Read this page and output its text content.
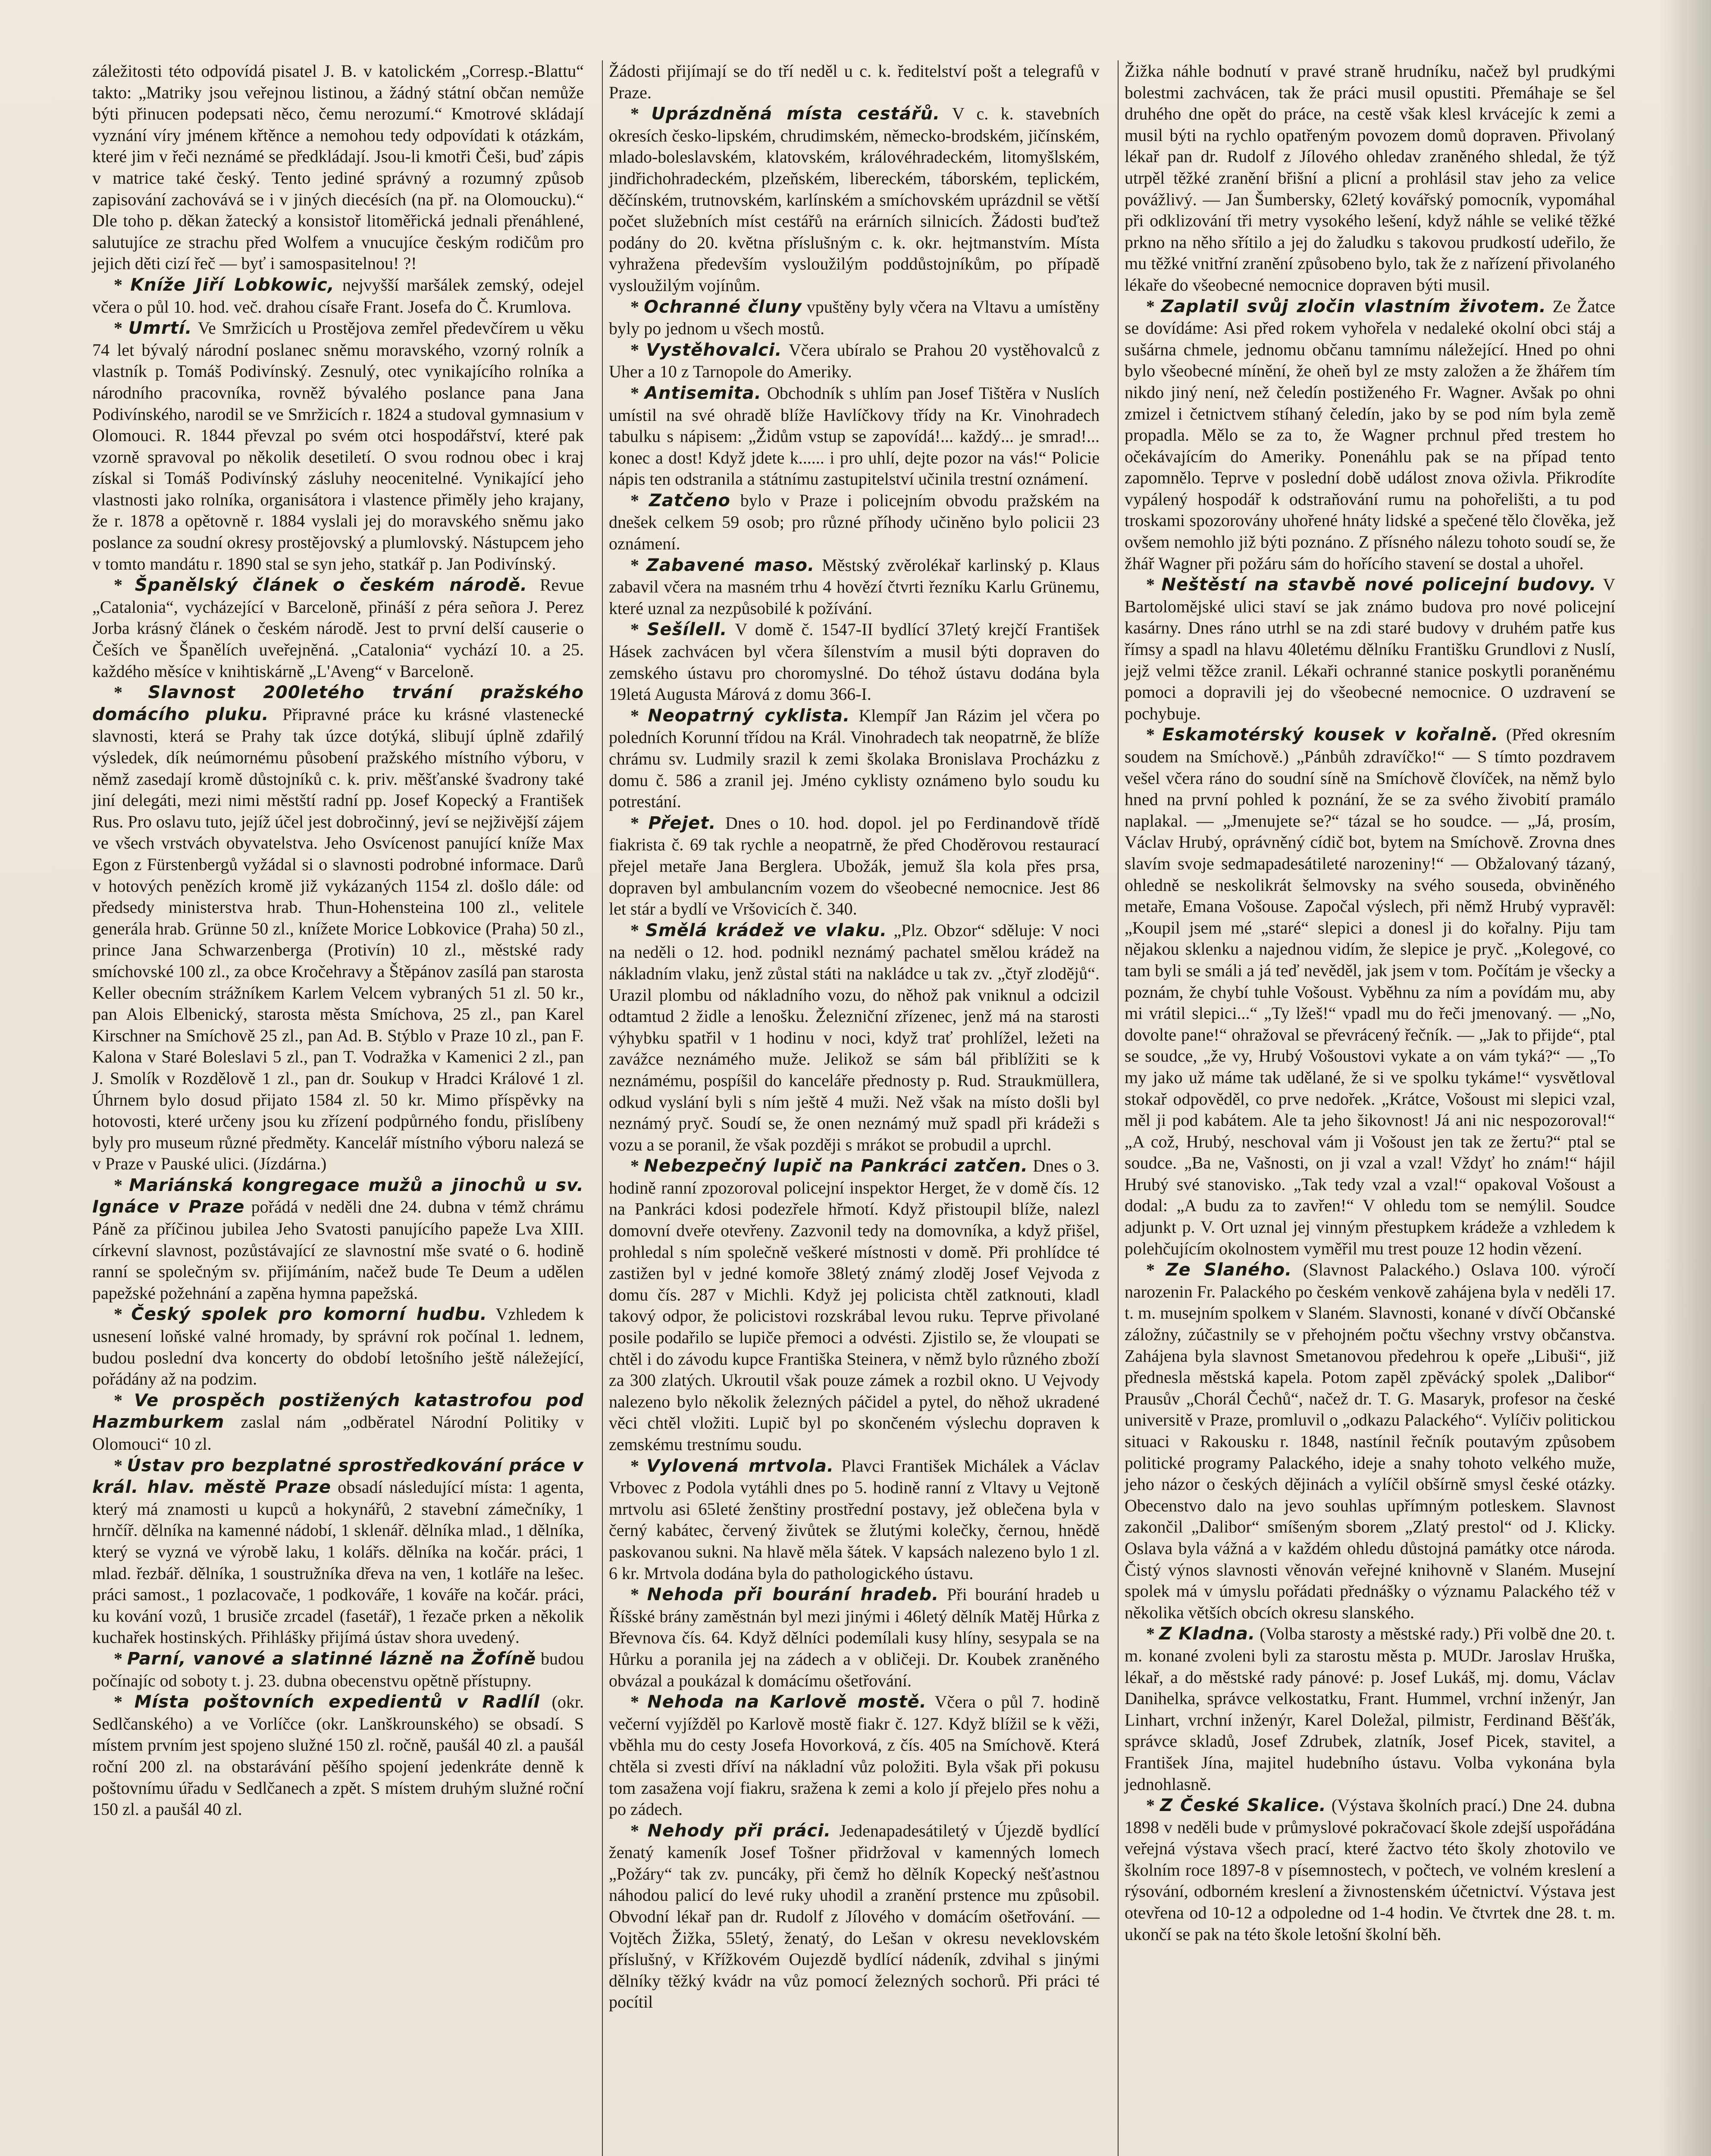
záležitosti této odpovídá pisatel J. B. v katolickém „Corresp.-Blattu“ takto: „Matriky jsou veřejnou listinou, a žádný státní občan nemůže býti přinucen podepsati něco, čemu nerozumí.“ Kmotrové skládají vyznání víry jménem křtěnce a nemohou tedy odpovídati k otázkám, které jim v řeči neznámé se předkládají. Jsou-li kmotři Češi, buď zápis v matrice také český. Tento jediné správný a rozumný způsob zapisování zachovává se i v jiných diecésích (na př. na Olomoucku).“ Dle toho p. děkan žatecký a konsistoř litoměřická jednali přenáhlené, salutujíce ze strachu před Wolfem a vnucujíce českým rodičům pro jejich děti cizí řeč — byť i samospasitelnou! ?!

* Kníže Jiří Lobkowic, nejvyšší maršálek zemský, odejel včera o půl 10. hod. več. drahou císaře Frant. Josefa do Č. Krumlova.

* Umrtí. Ve Smržicích u Prostějova zemřel předevčírem u věku 74 let bývalý národní poslanec sněmu moravského, vzorný rolník a vlastník p. Tomáš Podivínský. Zesnulý, otec vynikajícího rolníka a národního pracovníka, rovněž bývalého poslance pana Jana Podivínského, narodil se ve Smržicích r. 1824 a studoval gymnasium v Olomouci. R. 1844 převzal po svém otci hospodářství, které pak vzorně spravoval po několik desetiletí. O svou rodnou obec i kraj získal si Tomáš Podivínský zásluhy neocenitelné. Vynikající jeho vlastnosti jako rolníka, organisátora i vlastence přiměly jeho krajany, že r. 1878 a opětovně r. 1884 vyslali jej do moravského sněmu jako poslance za soudní okresy prostějovský a plumlovský. Nástupcem jeho v tomto mandátu r. 1890 stal se syn jeho, statkář p. Jan Podivínský.

* Španělský článek o českém národě. Revue „Catalonia“, vycházející v Barceloně, přináší z péra señora J. Perez Jorba krásný článek o českém národě. Jest to první delší causerie o Češích ve Španělích uveřejněná. „Catalonia“ vychází 10. a 25. každého měsíce v knihtiskárně „L'Aveng“ v Barceloně.

* Slavnost 200letého trvání pražského domácího pluku. Připravné práce ku krásné vlastenecké slavnosti, která se Prahy tak úzce dotýká, slibují úplně zdařilý výsledek, dík neúmornému působení pražského místního výboru, v němž zasedají kromě důstojníků c. k. priv. měšťanské švadrony také jiní delegáti, mezi nimi městští radní pp. Josef Kopecký a František Rus. Pro oslavu tuto, jejíž účel jest dobročinný, jeví se nejživější zájem ve všech vrstvách obyvatelstva. Jeho Osvícenost panující kníže Max Egon z Fürstenbergů vyžádal si o slavnosti podrobné informace. Darů v hotových penězích kromě již vykázaných 1154 zl. došlo dále: od předsedy ministerstva hrab. Thun-Hohensteina 100 zl., velitele generála hrab. Grünne 50 zl., knížete Morice Lobkovice (Praha) 50 zl., prince Jana Schwarzenberga (Protivín) 10 zl., městské rady smíchovské 100 zl., za obce Kročehravy a Štěpánov zasílá pan starosta Keller obecním strážníkem Karlem Velcem vybraných 51 zl. 50 kr., pan Alois Elbenický, starosta města Smíchova, 25 zl., pan Karel Kirschner na Smíchově 25 zl., pan Ad. B. Stýblo v Praze 10 zl., pan F. Kalona v Staré Boleslavi 5 zl., pan T. Vodražka v Kamenici 2 zl., pan J. Smolík v Rozdělově 1 zl., pan dr. Soukup v Hradci Králové 1 zl. Úhrnem bylo dosud přijato 1584 zl. 50 kr. Mimo příspěvky na hotovosti, které určeny jsou ku zřízení podpůrného fondu, přislíbeny byly pro museum různé předměty. Kancelář místního výboru nalezá se v Praze v Pauské ulici. (Jízdárna.)

* Mariánská kongregace mužů a jinochů u sv. Ignáce v Praze pořádá v neděli dne 24. dubna v témž chrámu Páně za příčinou jubilea Jeho Svatosti panujícího papeže Lva XIII. církevní slavnost, pozůstávající ze slavnostní mše svaté o 6. hodině ranní se společným sv. přijímáním, načež bude Te Deum a udělen papežské požehnání a zapěna hymna papežská.

* Český spolek pro komorní hudbu. Vzhledem k usnesení loňské valné hromady, by správní rok počínal 1. lednem, budou poslední dva koncerty do období letošního ještě náležející, pořádány až na podzim.

* Ve prospěch postižených katastrofou pod Hazmburkem zaslal nám „odběratel Národní Politiky v Olomouci“ 10 zl.

* Ústav pro bezplatné sprostředkování práce v král. hlav. městě Praze obsadí následující místa: 1 agenta, který má znamosti u kupců a hokynářů, 2 stavební zámečníky, 1 hrnčíř. dělníka na kamenné nádobí, 1 sklenář. dělníka mlad., 1 dělníka, který se vyzná ve výrobě laku, 1 kolářs. dělníka na kočár. práci, 1 mlad. řezbář. dělníka, 1 soustružníka dřeva na ven, 1 kotláře na lešec. práci samost., 1 pozlacovače, 1 podkováře, 1 kováře na kočár. práci, ku kování vozů, 1 brusiče zrcadel (fasetář), 1 řezače prken a několik kuchařek hostinských. Přihlášky přijímá ústav shora uvedený.

* Parní, vanové a slatinné lázně na Žofíně budou počínajíc od soboty t. j. 23. dubna obecenstvu opětně přístupny.

* Místa poštovních expedientů v Radlíl (okr. Sedlčanského) a ve Vorlíčce (okr. Lanškrounského) se obsadí. S místem prvním jest spojeno služné 150 zl. ročně, paušál 40 zl. a paušál roční 200 zl. na obstarávání pěšího spojení jedenkráte denně k poštovnímu úřadu v Sedlčanech a zpět. S místem druhým služné roční 150 zl. a paušál 40 zl.

Žádosti přijímají se do tří neděl u c. k. ředitelství pošt a telegrafů v Praze.

* Uprázdněná místa cestářů. V c. k. stavebních okresích česko-lipském, chrudimském, německo-brodském, jičínském, mlado-boleslavském, klatovském, královéhradeckém, litomyšlském, jindřichohradeckém, plzeňském, libereckém, táborském, teplickém, děčínském, trutnovském, karlínském a smíchovském uprázdnil se větší počet služebních míst cestářů na erárních silnicích. Žádosti buďtež podány do 20. května příslušným c. k. okr. hejtmanstvím. Místa vyhražena především vysloužilým poddůstojníkům, po případě vysloužilým vojínům.

* Ochranné čluny vpuštěny byly včera na Vltavu a umístěny byly po jednom u všech mostů.

* Vystěhovalci. Včera ubíralo se Prahou 20 vystěhovalců z Uher a 10 z Tarnopole do Ameriky.

* Antisemita. Obchodník s uhlím pan Josef Tištěra v Nuslích umístil na své ohradě blíže Havlíčkovy třídy na Kr. Vinohradech tabulku s nápisem: „Židům vstup se zapovídá!... každý... je smrad!... konec a dost! Když jdete k...... i pro uhlí, dejte pozor na vás!“ Policie nápis ten odstranila a státnímu zastupitelství učinila trestní oznámení.

* Zatčeno bylo v Praze i policejním obvodu pražském na dnešek celkem 59 osob; pro různé příhody učiněno bylo policii 23 oznámení.

* Zabavené maso. Městský zvěrolékař karlinský p. Klaus zabavil včera na masném trhu 4 hovězí čtvrti řezníku Karlu Grünemu, které uznal za nezpůsobilé k požívání.

* Sešílell. V domě č. 1547-II bydlící 37letý krejčí František Hásek zachvácen byl včera šílenstvím a musil býti dopraven do zemského ústavu pro choromyslné. Do téhož ústavu dodána byla 19letá Augusta Márová z domu 366-I.

* Neopatrný cyklista. Klempíř Jan Rázim jel včera po poledních Korunní třídou na Král. Vinohradech tak neopatrně, že blíže chrámu sv. Ludmily srazil k zemi školaka Bronislava Procházku z domu č. 586 a zranil jej. Jméno cyklisty oznámeno bylo soudu ku potrestání.

* Přejet. Dnes o 10. hod. dopol. jel po Ferdinandově třídě fiakrista č. 69 tak rychle a neopatrně, že před Choděrovou restaurací přejel metaře Jana Berglera. Ubožák, jemuž šla kola přes prsa, dopraven byl ambulancním vozem do všeobecné nemocnice. Jest 86 let stár a bydlí ve Vršovicích č. 340.

* Smělá krádež ve vlaku. „Plz. Obzor“ sděluje: V noci na neděli o 12. hod. podnikl neznámý pachatel smělou krádež na nákladním vlaku, jenž zůstal státi na nakládce u tak zv. „čtyř zlodějů“. Urazil plombu od nákladního vozu, do něhož pak vniknul a odcizil odtamtud 2 židle a lenošku. Železniční zřízenec, jenž má na starosti výhybku spatřil v 1 hodinu v noci, když trať prohlížel, ležeti na zavážce neznámého muže. Jelikož se sám bál přiblížiti se k neznámému, pospíšil do kanceláře přednosty p. Rud. Straukmüllera, odkud vyslání byli s ním ještě 4 muži. Než však na místo došli byl neznámý pryč. Soudí se, že onen neznámý muž spadl při krádeži s vozu a se poranil, že však později s mrákot se probudil a uprchl.

* Nebezpečný lupič na Pankráci zatčen. Dnes o 3. hodině ranní zpozoroval policejní inspektor Herget, že v domě čís. 12 na Pankráci kdosi podezřele hřmotí. Když přistoupil blíže, nalezl domovní dveře otevřeny. Zazvonil tedy na domovníka, a když přišel, prohledal s ním společně veškeré místnosti v domě. Při prohlídce té zastižen byl v jedné komoře 38letý známý zloděj Josef Vejvoda z domu čís. 287 v Michli. Když jej policista chtěl zatknouti, kladl takový odpor, že policistovi rozskrábal levou ruku. Teprve přivolané posile podařilo se lupiče přemoci a odvésti. Zjistilo se, že vloupati se chtěl i do závodu kupce Františka Steinera, v němž bylo různého zboží za 300 zlatých. Ukroutil však pouze zámek a rozbil okno. U Vejvody nalezeno bylo několik železných páčidel a pytel, do něhož ukradené věci chtěl vložiti. Lupič byl po skončeném výslechu dopraven k zemskému trestnímu soudu.

* Vylovená mrtvola. Plavci František Michálek a Václav Vrbovec z Podola vytáhli dnes po 5. hodině ranní z Vltavy u Vejtoně mrtvolu asi 65leté ženštiny prostřední postavy, jež oblečena byla v černý kabátec, červený živůtek se žlutými kolečky, černou, hnědě paskovanou sukni. Na hlavě měla šátek. V kapsách nalezeno bylo 1 zl. 6 kr. Mrtvola dodána byla do pathologického ústavu.

* Nehoda při bourání hradeb. Při bourání hradeb u Říšské brány zaměstnán byl mezi jinými i 46letý dělník Matěj Hůrka z Břevnova čís. 64. Když dělníci podemílali kusy hlíny, sesypala se na Hůrku a poranila jej na zádech a v obličeji. Dr. Koubek zraněného obvázal a poukázal k domácímu ošetřování.

* Nehoda na Karlově mostě. Včera o půl 7. hodině večerní vyjížděl po Karlově mostě fiakr č. 127. Když blížil se k věži, vběhla mu do cesty Josefa Hovorková, z čís. 405 na Smíchově. Která chtěla si zvesti dříví na nákladní vůz položiti. Byla však při pokusu tom zasažena vojí fiakru, sražena k zemi a kolo jí přejelo přes nohu a po zádech.

* Nehody při práci. Jedenapadesátiletý v Újezdě bydlící ženatý kameník Josef Tošner přidržoval v kamenných lomech „Požáry“ tak zv. puncáky, při čemž ho dělník Kopecký nešťastnou náhodou palicí do levé ruky uhodil a zranění prstence mu způsobil. Obvodní lékař pan dr. Rudolf z Jílového v domácím ošetřování. — Vojtěch Žižka, 55letý, ženatý, do Lešan v okresu neveklovském příslušný, v Křížkovém Oujezdě bydlící nádeník, zdvihal s jinými dělníky těžký kvádr na vůz pomocí železných sochorů. Při práci té pocítil

Žižka náhle bodnutí v pravé straně hrudníku, načež byl prudkými bolestmi zachvácen, tak že práci musil opustiti. Přemáhaje se šel druhého dne opět do práce, na cestě však klesl krvácejíc k zemi a musil býti na rychlo opatřeným povozem domů dopraven. Přivolaný lékař pan dr. Rudolf z Jílového ohledav zraněného shledal, že týž utrpěl těžké zranění břišní a plicní a prohlásil stav jeho za velice povážlivý. — Jan Šumbersky, 62letý kovářský pomocník, vypomáhal při odklizování tři metry vysokého lešení, když náhle se veliké těžké prkno na něho sřítilo a jej do žaludku s takovou prudkostí udeřilo, že mu těžké vnitřní zranění způsobeno bylo, tak že z nařízení přivolaného lékaře do všeobecné nemocnice dopraven býti musil.

* Zaplatil svůj zločin vlastním životem. Ze Žatce se dovídáme: Asi před rokem vyhořela v nedaleké okolní obci stáj a sušárna chmele, jednomu občanu tamnímu náležející. Hned po ohni bylo všeobecné mínění, že oheň byl ze msty založen a že žhářem tím nikdo jiný není, než čeledín postiženého Fr. Wagner. Avšak po ohni zmizel i četnictvem stíhaný čeledín, jako by se pod ním byla země propadla. Mělo se za to, že Wagner prchnul před trestem ho očekávajícím do Ameriky. Ponenáhlu pak se na případ tento zapomnělo. Teprve v poslední době událost znova oživla. Přikrodíte vypálený hospodář k odstraňování rumu na pohořelišti, a tu pod troskami spozorovány uhořené hnáty lidské a spečené tělo člověka, jež ovšem nemohlo již býti poznáno. Z přísného nálezu tohoto soudí se, že žhář Wagner při požáru sám do hořícího stavení se dostal a uhořel.

* Neštěstí na stavbě nové policejní budovy. V Bartolomějské ulici staví se jak známo budova pro nové policejní kasárny. Dnes ráno utrhl se na zdi staré budovy v druhém patře kus římsy a spadl na hlavu 40letému dělníku Františku Grundlovi z Nuslí, jejž velmi těžce zranil. Lékaři ochranné stanice poskytli poraněnému pomoci a dopravili jej do všeobecné nemocnice. O uzdravení se pochybuje.

* Eskamotérský kousek v kořalně. (Před okresním soudem na Smíchově.) „Pánbůh zdravíčko!“ — S tímto pozdravem vešel včera ráno do soudní síně na Smíchově človíček, na němž bylo hned na první pohled k poznání, že se za svého živobití pramálo naplakal. — „Jmenujete se?“ tázal se ho soudce. — „Já, prosím, Václav Hrubý, oprávněný cídič bot, bytem na Smíchově. Zrovna dnes slavím svoje sedmapadesátileté narozeniny!“ — Obžalovaný tázaný, ohledně se neskolikrát šelmovsky na svého souseda, obviněného metaře, Emana Vošouse. Započal výslech, při němž Hrubý vypravěl: „Koupil jsem mé „staré“ slepici a donesl ji do kořalny. Piju tam nějakou sklenku a najednou vidím, že slepice je pryč. „Kolegové, co tam byli se smáli a já teď nevěděl, jak jsem v tom. Počítám je všecky a poznám, že chybí tuhle Vošoust. Vyběhnu za ním a povídám mu, aby mi vrátil slepici...“ „Ty lžeš!“ vpadl mu do řeči jmenovaný. — „No, dovolte pane!“ ohražoval se převrácený řečník. — „Jak to přijde“, ptal se soudce, „že vy, Hrubý Vošoustovi vykate a on vám tyká?“ — „To my jako už máme tak udělané, že si ve spolku tykáme!“ vysvětloval stokař odpověděl, co prve nedořek. „Krátce, Vošoust mi slepici vzal, měl ji pod kabátem. Ale ta jeho šikovnost! Já ani nic nespozoroval!“ „A což, Hrubý, neschoval vám ji Vošoust jen tak ze žertu?“ ptal se soudce. „Ba ne, Vašnosti, on ji vzal a vzal! Vždyť ho znám!“ hájil Hrubý své stanovisko. „Tak tedy vzal a vzal!“ opakoval Vošoust a dodal: „A budu za to zavřen!“ V ohledu tom se nemýlil. Soudce adjunkt p. V. Ort uznal jej vinným přestupkem krádeže a vzhledem k polehčujícím okolnostem vyměřil mu trest pouze 12 hodin vězení.

* Ze Slaného. (Slavnost Palackého.) Oslava 100. výročí narozenin Fr. Palackého po českém venkově zahájena byla v neděli 17. t. m. musejním spolkem v Slaném. Slavnosti, konané v dívčí Občanské záložny, zúčastnily se v přehojném počtu všechny vrstvy občanstva. Zahájena byla slavnost Smetanovou předehrou k opeře „Libuši“, již přednesla městská kapela. Potom zapěl zpěvácký spolek „Dalibor“ Prausův „Chorál Čechů“, načež dr. T. G. Masaryk, profesor na české universitě v Praze, promluvil o „odkazu Palackého“. Vylíčiv politickou situaci v Rakousku r. 1848, nastínil řečník poutavým způsobem politické programy Palackého, ideje a snahy tohoto velkého muže, jeho názor o českých dějinách a vylíčil obšírně smysl české otázky. Obecenstvo dalo na jevo souhlas upřímným potleskem. Slavnost zakončil „Dalibor“ smíšeným sborem „Zlatý prestol“ od J. Klicky. Oslava byla vážná a v každém ohledu důstojná památky otce národa. Čistý výnos slavnosti věnován veřejné knihovně v Slaném. Musejní spolek má v úmyslu pořádati přednášky o významu Palackého též v několika větších obcích okresu slanského.

* Z Kladna. (Volba starosty a městské rady.) Při volbě dne 20. t. m. konané zvoleni byli za starostu města p. MUDr. Jaroslav Hruška, lékař, a do městské rady pánové: p. Josef Lukáš, mj. domu, Václav Danihelka, správce velkostatku, Frant. Hummel, vrchní inženýr, Jan Linhart, vrchní inženýr, Karel Doležal, pilmistr, Ferdinand Běšťák, správce skladů, Josef Zdrubek, zlatník, Josef Picek, stavitel, a František Jína, majitel hudebního ústavu. Volba vykonána byla jednohlasně.

* Z České Skalice. (Výstava školních prací.) Dne 24. dubna 1898 v neděli bude v průmyslové pokračovací škole zdejší uspořádána veřejná výstava všech prací, které žactvo této školy zhotovilo ve školním roce 1897-8 v písemnostech, v počtech, ve volném kreslení a rýsování, odborném kreslení a živnostenském účetnictví. Výstava jest otevřena od 10-12 a odpoledne od 1-4 hodin. Ve čtvrtek dne 28. t. m. ukončí se pak na této škole letošní školní běh.
